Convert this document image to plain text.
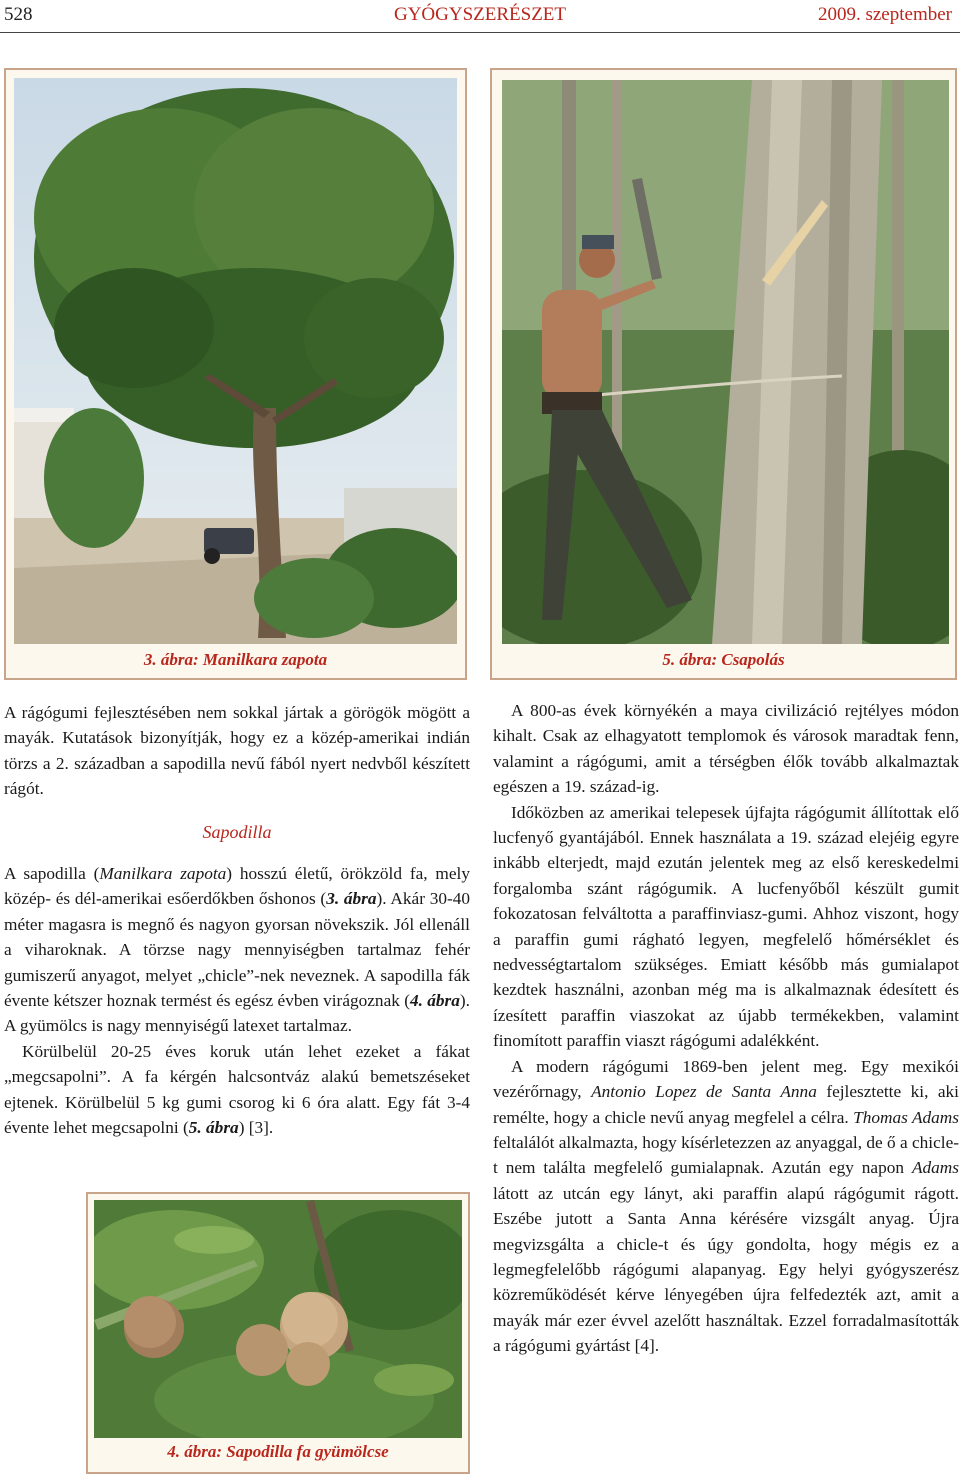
528	GYÓGYSZERÉSZET	2009. szeptember
3. ábra: Manilkara zapota	5. ábra: Csapolás

A rágógumi fejlesztésében nem sokkal jártak a görögök mögött a mayák. Kutatások bizonyítják, hogy ez a közép-amerikai indián törzs a 2. században a sapodilla nevű fából nyert nedvből készített rágót.

Sapodilla

A sapodilla (Manilkara zapota) hosszú életű, örökzöld fa, mely közép- és dél-amerikai esőerdőkben őshonos (3. ábra). Akár 30-40 méter magasra is megnő és nagyon gyorsan növekszik. Jól ellenáll a viharoknak. A törzse nagy mennyiségben tartalmaz fehér gumiszerű anyagot, melyet „chicle”-nek neveznek. A sapodilla fák évente kétszer hoznak termést és egész évben virágoznak (4. ábra). A gyümölcs is nagy mennyiségű latexet tartalmaz.

Körülbelül 20-25 éves koruk után lehet ezeket a fákat „megcsapolni”. A fa kérgén halcsontváz alakú bemetszéseket ejtenek. Körülbelül 5 kg gumi csorog ki 6 óra alatt. Egy fát 3-4 évente lehet megcsapolni (5. ábra) [3].

4. ábra: Sapodilla fa gyümölcse

A 800-as évek környékén a maya civilizáció rejtélyes módon kihalt. Csak az elhagyatott templomok és városok maradtak fenn, valamint a rágógumi, amit a térségben élők tovább alkalmaztak egészen a 19. század-ig.

Időközben az amerikai telepesek újfajta rágógumit állítottak elő lucfenyő gyantájából. Ennek használata a 19. század elejéig egyre inkább elterjedt, majd ezután jelentek meg az első kereskedelmi forgalomba szánt rágógumik. A lucfenyőből készült gumit fokozatosan felváltotta a paraffinviasz-gumi. Ahhoz viszont, hogy a paraffin gumi rágható legyen, megfelelő hőmérséklet és nedvességtartalom szükséges. Emiatt később más gumialapot kezdtek használni, azonban még ma is alkalmaznak édesített és ízesített paraffin viaszokat az újabb termékekben, valamint finomított paraffin viaszt rágógumi adalékként.

A modern rágógumi 1869-ben jelent meg. Egy mexikói vezérőrnagy, Antonio Lopez de Santa Anna fejlesztette ki, aki remélte, hogy a chicle nevű anyag megfelel a célra. Thomas Adams feltalálót alkalmazta, hogy kísérletezzen az anyaggal, de ő a chicle-t nem találta megfelelő gumialapnak. Azután egy napon Adams látott az utcán egy lányt, aki paraffin alapú rágógumit rágott. Eszébe jutott a Santa Anna kérésére vizsgált anyag. Újra megvizsgálta a chicle-t és úgy gondolta, hogy mégis ez a legmegfelelőbb rágógumi alapanyag. Egy helyi gyógyszerész közreműködését kérve lényegében újra felfedezték azt, amit a mayák már ezer évvel azelőtt használtak. Ezzel forradalmasították a rágógumi gyártást [4].
